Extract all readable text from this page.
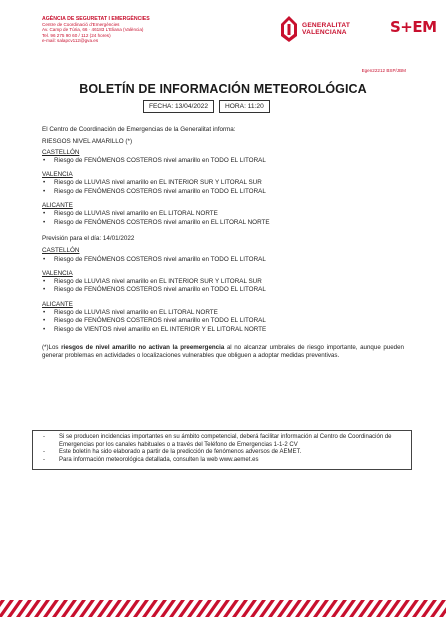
AGÈNCIA DE SEGURETAT I EMERGÈNCIES
Centre de Coordinació d'Emergències
Av. Camp de Túria, 66 · 46183 L'Eliana (València)
Tel. 96 275 90 60 / 112 (24 hores)
e-mail: salapcv112@gva.es
GENERALITAT
VALENCIANA	S+EM
Egen22212 BSP/JBM
BOLETÍN DE INFORMACIÓN METEOROLÓGICA
FECHA: 13/04/2022	HORA: 11:20
El Centro de Coordinación de Emergencias de la Generalitat informa:
RIESGOS NIVEL AMARILLO (*)
CASTELLÓN
• Riesgo de FENÓMENOS COSTEROS nivel amarillo en TODO EL LITORAL
VALENCIA
• Riesgo de LLUVIAS nivel amarillo en EL INTERIOR SUR Y LITORAL SUR
• Riesgo de FENÓMENOS COSTEROS nivel amarillo en TODO EL LITORAL
ALICANTE
• Riesgo de LLUVIAS nivel amarillo en EL LITORAL NORTE
• Riesgo de FENÓMENOS COSTEROS nivel amarillo en EL LITORAL NORTE
Previsión para el día: 14/01/2022
CASTELLÓN
• Riesgo de FENÓMENOS COSTEROS nivel amarillo en TODO EL LITORAL
VALENCIA
• Riesgo de LLUVIAS nivel amarillo en EL INTERIOR SUR Y LITORAL SUR
• Riesgo de FENÓMENOS COSTEROS nivel amarillo en TODO EL LITORAL
ALICANTE
• Riesgo de LLUVIAS nivel amarillo en EL LITORAL NORTE
• Riesgo de FENÓMENOS COSTEROS nivel amarillo en TODO EL LITORAL
• Riesgo de VIENTOS nivel amarillo en EL INTERIOR Y EL LITORAL NORTE
(*)Los riesgos de nivel amarillo no activan la preemergencia al no alcanzar umbrales de riesgo importante, aunque pueden generar problemas en actividades o localizaciones vulnerables que obliguen a adoptar medidas preventivas.
- Si se producen incidencias importantes en su ámbito competencial, deberá facilitar información al Centro de Coordinación de Emergencias por los canales habituales o a través del Teléfono de Emergencias 1-1-2 CV
- Este boletín ha sido elaborado a partir de la predicción de fenómenos adversos de AEMET.
- Para información meteorológica detallada, consulten la web www.aemet.es
